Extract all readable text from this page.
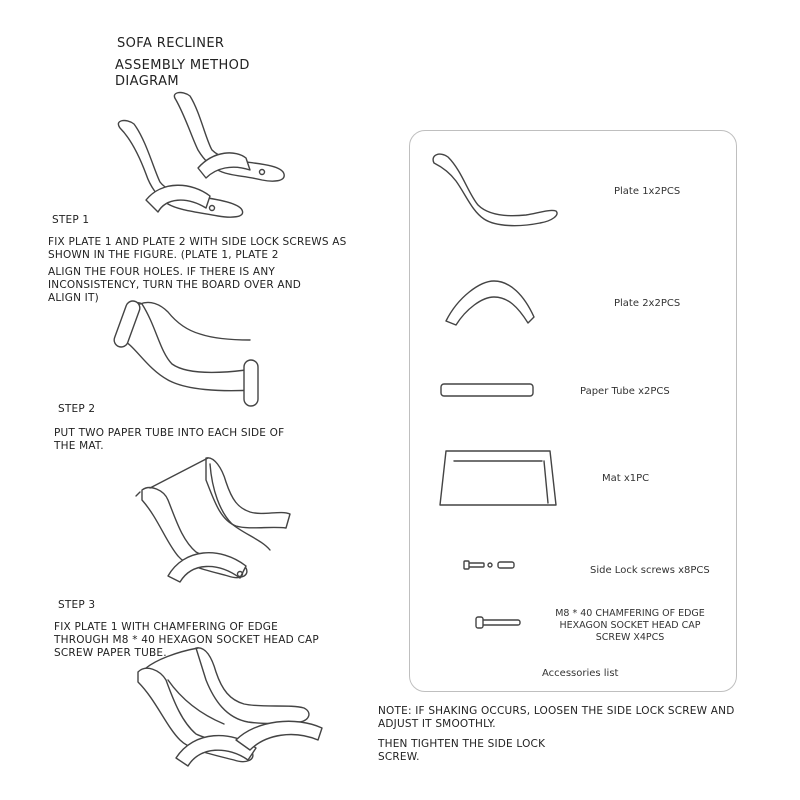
SOFA RECLINER
ASSEMBLY METHOD
DIAGRAM
STEP 1
FIX PLATE 1 AND PLATE 2 WITH SIDE LOCK SCREWS AS
SHOWN IN THE FIGURE. (PLATE 1, PLATE 2
ALIGN THE FOUR HOLES. IF THERE IS ANY
INCONSISTENCY, TURN THE BOARD OVER AND
ALIGN IT)
STEP 2
PUT TWO PAPER TUBE INTO EACH SIDE OF
THE MAT.
STEP 3
FIX PLATE 1 WITH CHAMFERING OF EDGE
THROUGH M8 * 40 HEXAGON SOCKET HEAD CAP
SCREW PAPER TUBE.
Plate 1x2PCS
Plate 2x2PCS
Paper Tube x2PCS
Mat x1PC
Side Lock screws x8PCS
M8 * 40 CHAMFERING OF EDGE
HEXAGON SOCKET HEAD CAP
SCREW X4PCS
Accessories list
NOTE: IF SHAKING OCCURS, LOOSEN THE SIDE LOCK SCREW AND
ADJUST IT SMOOTHLY.
THEN TIGHTEN THE SIDE LOCK
SCREW.
